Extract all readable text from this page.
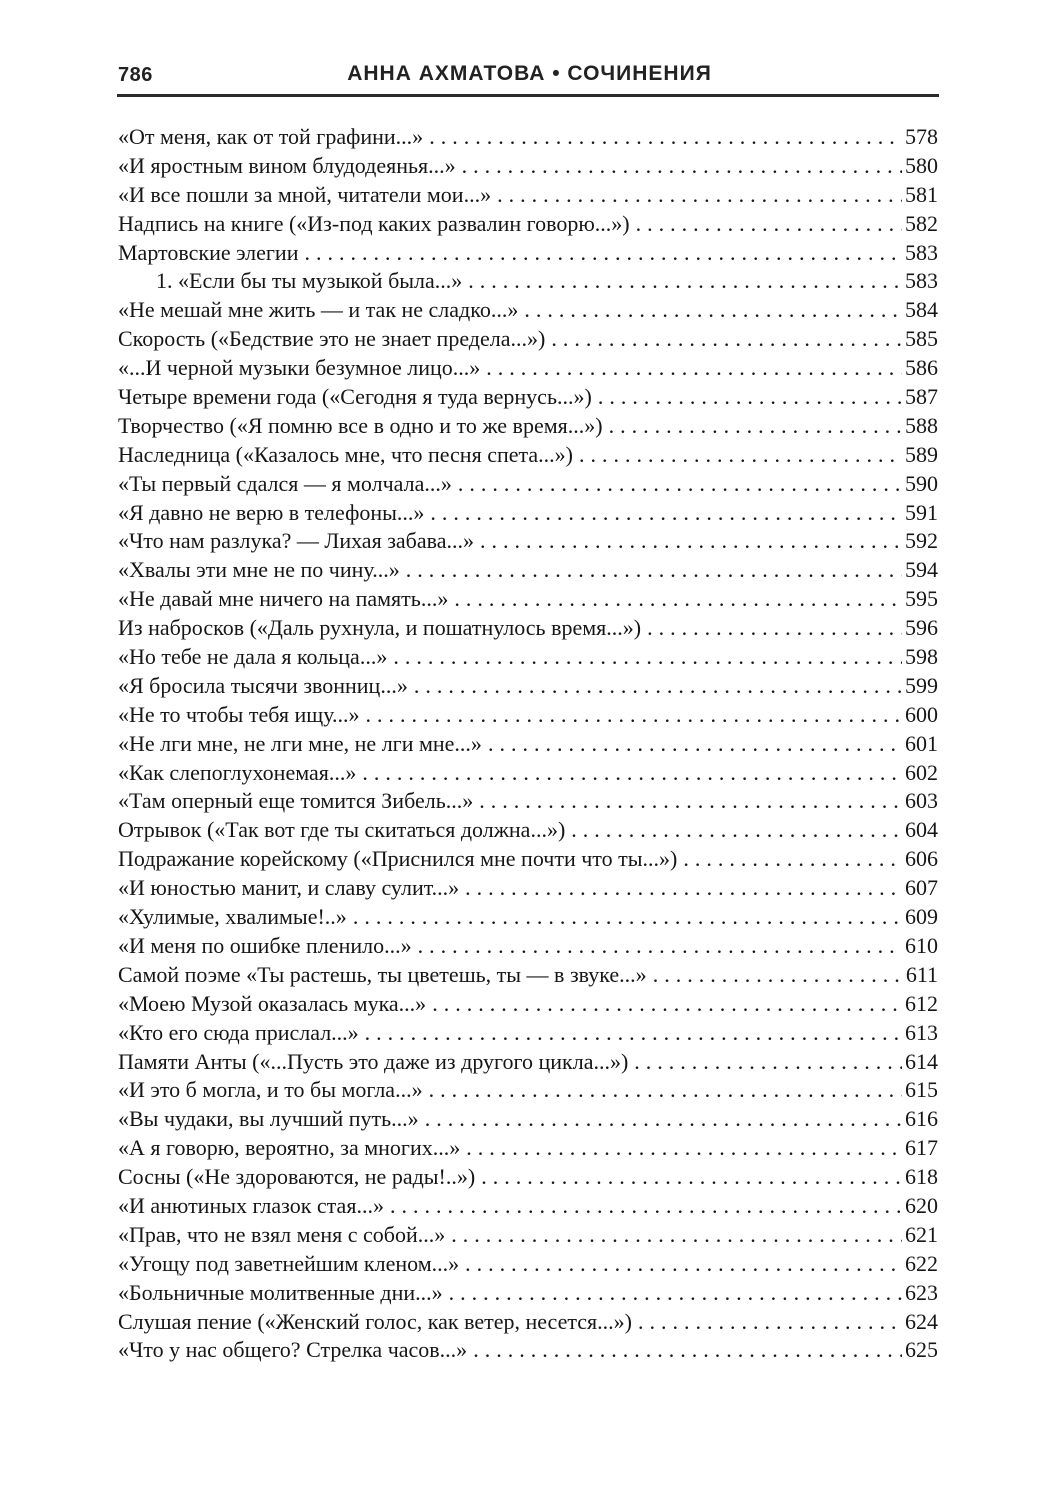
786	АННА АХМАТОВА • СОЧИНЕНИЯ
«От меня, как от той графини...» .....	578
«И яростным вином блудодеянья...» .....	580
«И все пошли за мной, читатели мои...» .....	581
Надпись на книге («Из-под каких развалин говорю...») .....	582
Мартовские элегии .....	583
1. «Если бы ты музыкой была...» .....	583
«Не мешай мне жить — и так не сладко...» .....	584
Скорость («Бедствие это не знает предела...») .....	585
«...И черной музыки безумное лицо...» .....	586
Четыре времени года («Сегодня я туда вернусь...») .....	587
Творчество («Я помню все в одно и то же время...») .....	588
Наследница («Казалось мне, что песня спета...») .....	589
«Ты первый сдался — я молчала...» .....	590
«Я давно не верю в телефоны...» .....	591
«Что нам разлука? — Лихая забава...» .....	592
«Хвалы эти мне не по чину...» .....	594
«Не давай мне ничего на память...» .....	595
Из набросков («Даль рухнула, и пошатнулось время...») .....	596
«Но тебе не дала я кольца...» .....	598
«Я бросила тысячи звонниц...» .....	599
«Не то чтобы тебя ищу...» .....	600
«Не лги мне, не лги мне, не лги мне...» .....	601
«Как слепоглухонемая...» .....	602
«Там оперный еще томится Зибель...» .....	603
Отрывок («Так вот где ты скитаться должна...») .....	604
Подражание корейскому («Приснился мне почти что ты...») .....	606
«И юностью манит, и славу сулит...» .....	607
«Хулимые, хвалимые!..» .....	609
«И меня по ошибке пленило...» .....	610
Самой поэме «Ты растешь, ты цветешь, ты — в звуке...» .....	611
«Моею Музой оказалась мука...» .....	612
«Кто его сюда прислал...» .....	613
Памяти Анты («...Пусть это даже из другого цикла...») .....	614
«И это б могла, и то бы могла...» .....	615
«Вы чудаки, вы лучший путь...» .....	616
«А я говорю, вероятно, за многих...» .....	617
Сосны («Не здороваются, не рады!..») .....	618
«И анютиных глазок стая...» .....	620
«Прав, что не взял меня с собой...» .....	621
«Угощу под заветнейшим кленом...» .....	622
«Больничные молитвенные дни...» .....	623
Слушая пение («Женский голос, как ветер, несется...») .....	624
«Что у нас общего? Стрелка часов...» .....	625
